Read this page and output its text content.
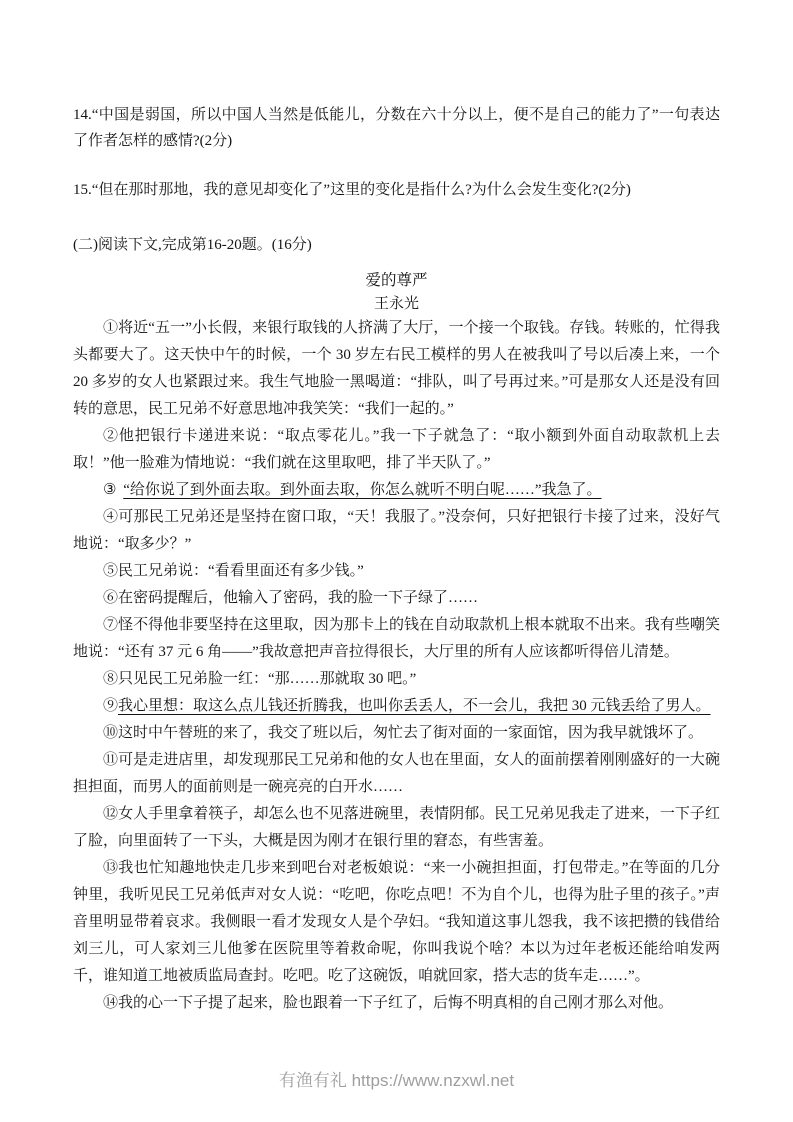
14.“中国是弱国，所以中国人当然是低能儿，分数在六十分以上，便不是自己的能力了”一句表达了作者怎样的感情?(2分)

15.“但在那时那地，我的意见却变化了”这里的变化是指什么?为什么会发生变化?(2分)

(二)阅读下文,完成第16-20题。(16分)

爱的尊严

王永光

①将近“五一”小长假，来银行取钱的人挤满了大厅，一个接一个取钱。存钱。转账的，忙得我头都要大了。这天快中午的时候，一个 30 岁左右民工模样的男人在被我叫了号以后凑上来，一个 20 多岁的女人也紧跟过来。我生气地脸一黑喝道：“排队，叫了号再过来。”可是那女人还是没有回转的意思，民工兄弟不好意思地冲我笑笑：“我们一起的。”

②他把银行卡递进来说：“取点零花儿。”我一下子就急了：“取小额到外面自动取款机上去取！”他一脸难为情地说：“我们就在这里取吧，排了半天队了。”

③ “给你说了到外面去取。到外面去取，你怎么就听不明白呢……”我急了。

④可那民工兄弟还是坚持在窗口取，“天！我服了。”没奈何，只好把银行卡接了过来，没好气地说：“取多少？”

⑤民工兄弟说：“看看里面还有多少钱。”

⑥在密码提醒后，他输入了密码，我的脸一下子绿了……

⑦怪不得他非要坚持在这里取，因为那卡上的钱在自动取款机上根本就取不出来。我有些嘲笑地说：“还有 37 元 6 角——”我故意把声音拉得很长，大厅里的所有人应该都听得倍儿清楚。

⑧只见民工兄弟脸一红：“那……那就取 30 吧。”

⑨我心里想：取这么点儿钱还折腾我，也叫你丢丢人，不一会儿，我把 30 元钱丢给了男人。

⑩这时中午替班的来了，我交了班以后，匆忙去了街对面的一家面馆，因为我早就饿坏了。

⑪可是走进店里，却发现那民工兄弟和他的女人也在里面，女人的面前摆着刚刚盛好的一大碗担担面，而男人的面前则是一碗亮亮的白开水……

⑫女人手里拿着筷子，却怎么也不见落进碗里，表情阴郁。民工兄弟见我走了进来，一下子红了脸，向里面转了一下头，大概是因为刚才在银行里的窘态，有些害羞。

⑬我也忙知趣地快走几步来到吧台对老板娘说：“来一小碗担担面，打包带走。”在等面的几分钟里，我听见民工兄弟低声对女人说：“吃吧，你吃点吧！不为自个儿，也得为肚子里的孩子。”声音里明显带着哀求。我侧眼一看才发现女人是个孕妇。“我知道这事儿怨我，我不该把攒的钱借给刘三儿，可人家刘三儿他爹在医院里等着救命呢，你叫我说个啥？本以为过年老板还能给咱发两千，谁知道工地被质监局查封。吃吧。吃了这碗饭，咱就回家，搭大志的货车走……”。

⑭我的心一下子提了起来，脸也跟着一下子红了，后悔不明真相的自己刚才那么对他。

有渔有礼 https://www.nzxwl.net
